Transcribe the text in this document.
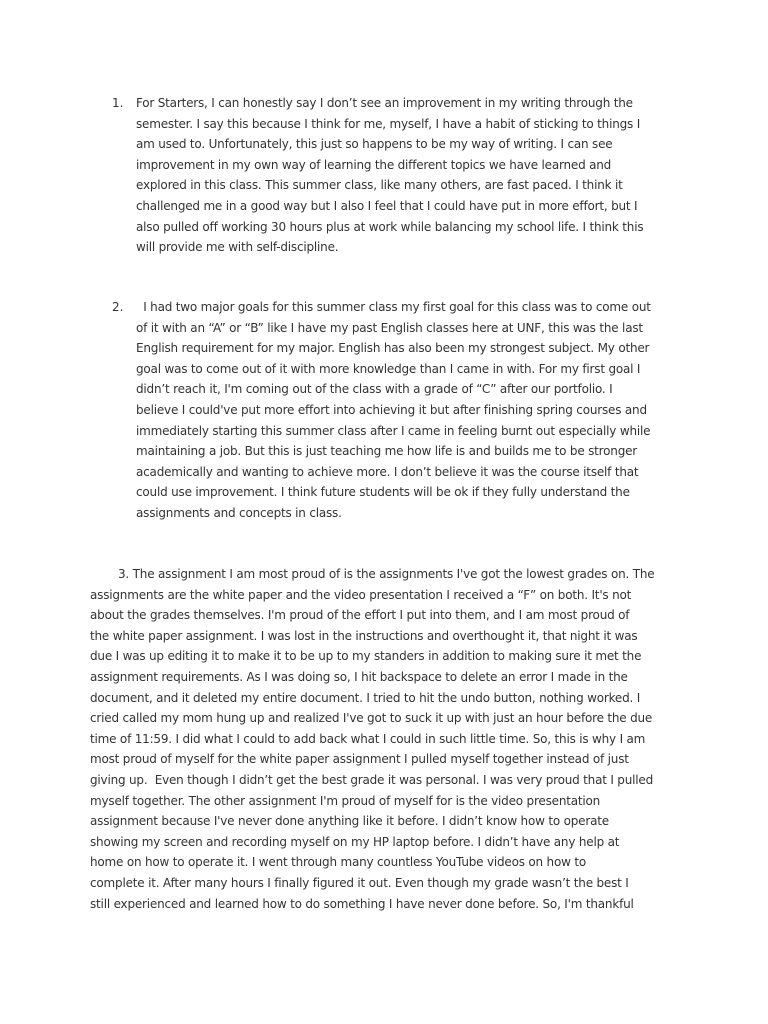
1. For Starters, I can honestly say I don’t see an improvement in my writing through the
semester. I say this because I think for me, myself, I have a habit of sticking to things I
am used to. Unfortunately, this just so happens to be my way of writing. I can see
improvement in my own way of learning the different topics we have learned and
explored in this class. This summer class, like many others, are fast paced. I think it
challenged me in a good way but I also I feel that I could have put in more effort, but I
also pulled off working 30 hours plus at work while balancing my school life. I think this
will provide me with self-discipline.
2. I had two major goals for this summer class my first goal for this class was to come out
of it with an “A” or “B” like I have my past English classes here at UNF, this was the last
English requirement for my major. English has also been my strongest subject. My other
goal was to come out of it with more knowledge than I came in with. For my first goal I
didn’t reach it, I'm coming out of the class with a grade of “C” after our portfolio. I
believe I could've put more effort into achieving it but after finishing spring courses and
immediately starting this summer class after I came in feeling burnt out especially while
maintaining a job. But this is just teaching me how life is and builds me to be stronger
academically and wanting to achieve more. I don’t believe it was the course itself that
could use improvement. I think future students will be ok if they fully understand the
assignments and concepts in class.
3. The assignment I am most proud of is the assignments I've got the lowest grades on. The
assignments are the white paper and the video presentation I received a “F” on both. It's not
about the grades themselves. I'm proud of the effort I put into them, and I am most proud of
the white paper assignment. I was lost in the instructions and overthought it, that night it was
due I was up editing it to make it to be up to my standers in addition to making sure it met the
assignment requirements. As I was doing so, I hit backspace to delete an error I made in the
document, and it deleted my entire document. I tried to hit the undo button, nothing worked. I
cried called my mom hung up and realized I've got to suck it up with just an hour before the due
time of 11:59. I did what I could to add back what I could in such little time. So, this is why I am
most proud of myself for the white paper assignment I pulled myself together instead of just
giving up.  Even though I didn’t get the best grade it was personal. I was very proud that I pulled
myself together. The other assignment I'm proud of myself for is the video presentation
assignment because I've never done anything like it before. I didn’t know how to operate
showing my screen and recording myself on my HP laptop before. I didn’t have any help at
home on how to operate it. I went through many countless YouTube videos on how to
complete it. After many hours I finally figured it out. Even though my grade wasn’t the best I
still experienced and learned how to do something I have never done before. So, I'm thankful
